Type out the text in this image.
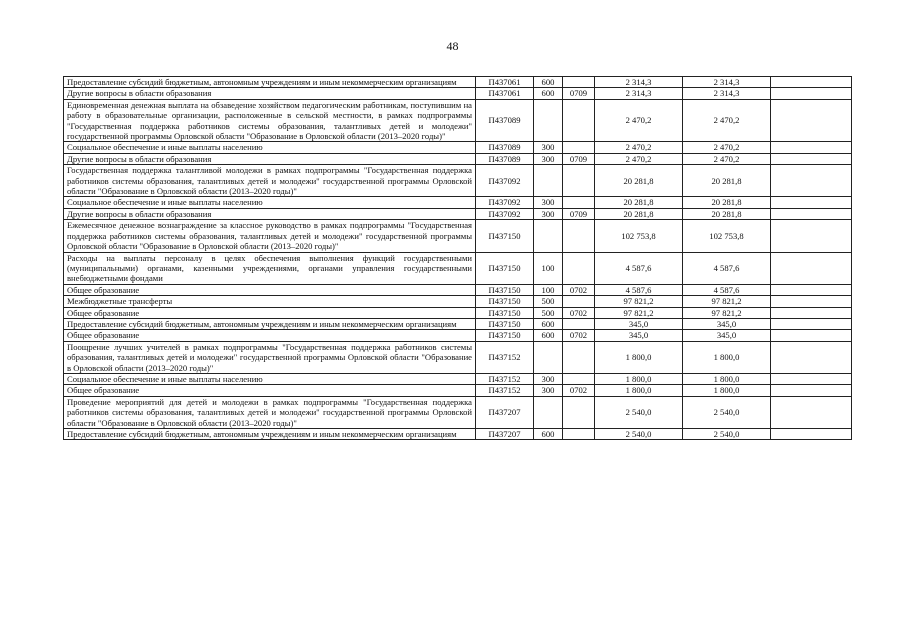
48
Предоставление субсидий бюджетным, автономным учреждениям и иным некоммерческим организациям	П437061	600		2 314,3	2 314,3	
Другие вопросы в области образования	П437061	600	0709	2 314,3	2 314,3	
Единовременная денежная выплата на обзаведение хозяйством педагогическим работникам, поступившим на работу в образовательные организации, расположенные в сельской местности, в рамках подпрограммы "Государственная поддержка работников системы образования, талантливых детей и молодежи" государственной программы Орловской области "Образование в Орловской области (2013–2020 годы)"	П437089			2 470,2	2 470,2	
Социальное обеспечение и иные выплаты населению	П437089	300		2 470,2	2 470,2	
Другие вопросы в области образования	П437089	300	0709	2 470,2	2 470,2	
Государственная поддержка талантливой молодежи в рамках подпрограммы "Государственная поддержка работников системы образования, талантливых детей и молодежи" государственной программы Орловской области "Образование в Орловской области (2013–2020 годы)"	П437092			20 281,8	20 281,8	
Социальное обеспечение и иные выплаты населению	П437092	300		20 281,8	20 281,8	
Другие вопросы в области образования	П437092	300	0709	20 281,8	20 281,8	
Ежемесячное денежное вознаграждение за классное руководство в рамках подпрограммы "Государственная поддержка работников системы образования, талантливых детей и молодежи" государственной программы Орловской области "Образование в Орловской области (2013–2020 годы)"	П437150			102 753,8	102 753,8	
Расходы на выплаты персоналу в целях обеспечения выполнения функций государственными (муниципальными) органами, казенными учреждениями, органами управления государственными внебюджетными фондами	П437150	100		4 587,6	4 587,6	
Общее образование	П437150	100	0702	4 587,6	4 587,6	
Межбюджетные трансферты	П437150	500		97 821,2	97 821,2	
Общее образование	П437150	500	0702	97 821,2	97 821,2	
Предоставление субсидий бюджетным, автономным учреждениям и иным некоммерческим организациям	П437150	600		345,0	345,0	
Общее образование	П437150	600	0702	345,0	345,0	
Поощрение лучших учителей в рамках подпрограммы "Государственная поддержка работников системы образования, талантливых детей и молодежи" государственной программы Орловской области "Образование в Орловской области (2013–2020 годы)"	П437152			1 800,0	1 800,0	
Социальное обеспечение и иные выплаты населению	П437152	300		1 800,0	1 800,0	
Общее образование	П437152	300	0702	1 800,0	1 800,0	
Проведение мероприятий для детей и молодежи в рамках подпрограммы "Государственная поддержка работников системы образования, талантливых детей и молодежи" государственной программы Орловской области "Образование в Орловской области (2013–2020 годы)"	П437207			2 540,0	2 540,0	
Предоставление субсидий бюджетным, автономным учреждениям и иным некоммерческим организациям	П437207	600		2 540,0	2 540,0	
